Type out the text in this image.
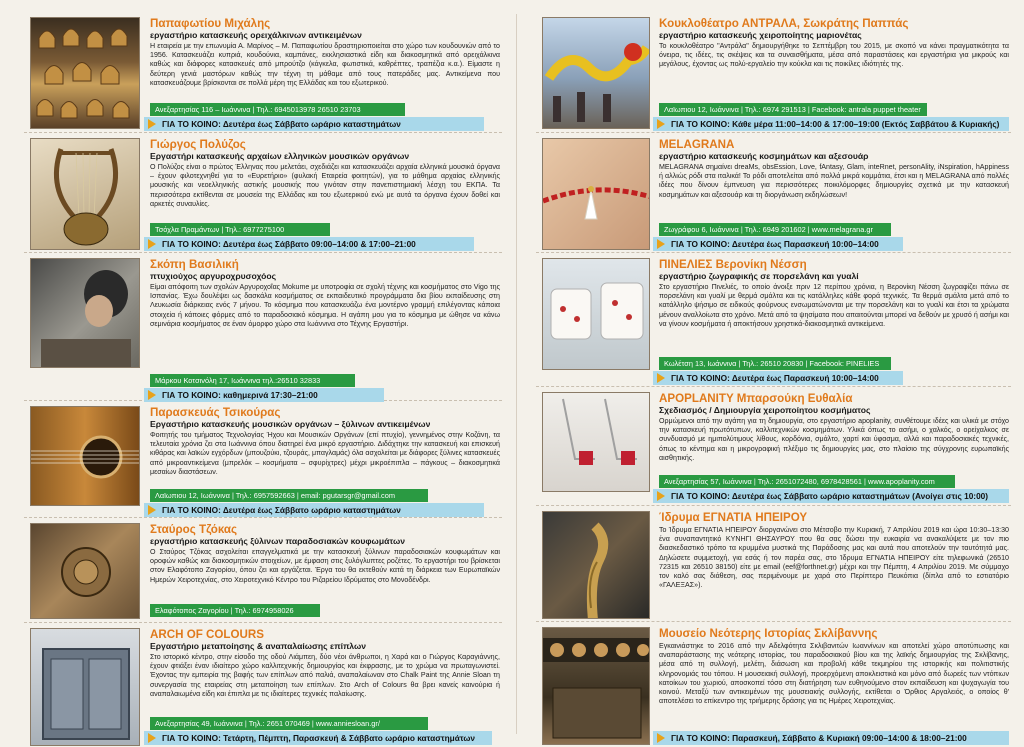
Παπαφωτίου Μιχάλης
εργαστήριο κατασκευής ορειχάλκινων αντικειμένων
Η εταιρεία με την επωνυμία Α. Μαρίνος – Μ. Παπαφωτίου δραστηριοποιείται στο χώρο των κουδουνιών από το 1956. Κατασκευάζει κυπριά, κουδούνια, καμπάνες, εκκλησιαστικά είδη και διακοσμητικά από ορειχάλκινα καθώς και διάφορες κατασκευές από μπρούτζο (κάγκελα, φωτιστικά, καθρέπτες, τραπέζια κ.α.). Είμαστε η δεύτερη γενιά μαστόρων καθώς την τέχνη τη μάθαμε από τους πατεράδες μας. Αντικείμενα που κατασκευάζουμε βρίσκονται σε πολλά μέρη της Ελλάδας και του εξωτερικού.
Ανεξαρτησίας 116 – Ιωάννινα | Τηλ.: 6945013978 26510 23703
ΓΙΑ ΤΟ ΚΟΙΝΟ: Δευτέρα έως Σάββατο ωράριο καταστημάτων
Γιώργος Πολύζος
Εργαστήρι κατασκευής αρχαίων ελληνικών μουσικών οργάνων
Ο Πολύζος είναι ο πρώτος Έλληνας που μελετάει, σχεδιάζει και κατασκευάζει αρχαία ελληνικά μουσικά όργανα – έχουν φιλοτεχνηθεί για το «Ευρετήριο» (φυλακή Εταιρεία φοιτητών), για το μάθημα αρχαίας ελληνικής μουσικής και νεοελληνικής αστικής μουσικής που γινόταν στην πανεπιστημιακή λέσχη του ΕΚΠΑ. Τα περισσότερα εκτίθενται σε μουσεία της Ελλάδας και του εξωτερικού ενώ με αυτά τα όργανα έχουν δοθεί και αρκετές συναυλίες.
Τσόχλα Πραμάντων | Τηλ.: 6977275100
ΓΙΑ ΤΟ ΚΟΙΝΟ: Δευτέρα έως Σάββατο 09:00–14:00 & 17:00–21:00
Σκόπη Βασιλική
πτυχιούχος αργυροχρυσοχόος
Είμαι απόφοιτη των σχολών Αργυροχοΐας Mokume με υποτροφία σε σχολή τέχνης και κοσμήματος στο Vigo της Ισπανίας. Έχω δουλέψει ως δασκάλα κοσμήματος σε εκπαιδευτικό προγράμματα δια βίου εκπαίδευσης στη Λευκωσία διάρκειας ενός 7 μήνου. Το κόσμημα που κατασκευάζω ένα μοντέρνο γραμμή επιλέγοντας κάποια στοιχεία ή κάποιες φόρμες από το παραδοσιακό κόσμημα. Η αγάπη μου για το κόσμημα με ώθησε να κάνω σεμινάρια κοσμήματος σε έναν όμορφο χώρο στα Ιωάννινα στο Τέχνης Εργαστήρι.
Μάρκου Κοτσινόλη 17, Ιωάννινα τηλ.:26510 32833
ΓΙΑ ΤΟ ΚΟΙΝΟ: καθημερινά 17:30–21:00
Παρασκευάς Τσικούρας
Εργαστήριο κατασκευής μουσικών οργάνων – ξύλινων αντικειμένων
Φοιτητής του τμήματος Τεχνολογίας Ήχου και Μουσικών Οργάνων (επί πτυχίο), γεννημένος στην Κοζάνη, τα τελευταία χρόνια ζει στα Ιωάννινα όπου διατηρεί ένα μικρό εργαστήριο. Διδάχτηκε την κατασκευή και επισκευή κιθάρας και λαϊκών εγχόρδων (μπουζούκι, τζουράς, μπαγλαμάς) όλα ασχολείται με διάφορες ξύλινες κατασκευές από μικροαντικείμενα (μπρελόκ – κοσμήματα – σφυρίχτρες) μέχρι μικροέπιπλα – πάγκους – διακοσμητικά μεσαίων διαστάσεων.
Λαϊωπιου 12, Ιωάννινα | Τηλ.: 6957592663 | email: pgutarsgr@gmail.com
ΓΙΑ ΤΟ ΚΟΙΝΟ: Δευτέρα έως Σάββατο ωράριο καταστημάτων
Σταύρος Τζόκας
εργαστήριο κατασκευής ξύλινων παραδοσιακών κουφωμάτων
Ο Σταύρος Τζόκας ασχολείται επαγγελματικά με την κατασκευή ξύλινων παραδοσιακών κουφωμάτων και οροφών καθώς και διακοσμητικών στοιχείων, με έμφαση στις ξυλόγλυπτες ροζέτες. Το εργαστήρι του βρίσκεται στον Ελαφότοπο Ζαγορίου, όπου ζει και εργάζεται. Έργα του θα εκτεθούν κατά τη διάρκεια των Ευρωπαϊκών Ημερών Χειροτεχνίας, στο Χειροτεχνικό Κέντρο του Ριζαρείου Ιδρύματος στο Μονοδένδρι.
Ελαφότοπος Ζαγορίου | Τηλ.: 6974958026
ARCH OF COLOURS
Εργαστήριο μεταποίησης & αναπαλαίωσης επίπλων
Στο ιστορικό κέντρο, στην είσοδο της οδού Λιάμπεη, δύο νέοι άνθρωποι, η Χαρά και ο Γιώργος Καραγιάννης, έχουν φτιάξει έναν ιδιαίτερο χώρο καλλιτεχνικής δημιουργίας και έκφρασης, με το χρώμα να πρωταγωνιστεί. Έχοντας την εμπειρία της βαφής των επίπλων από παλιά, αναπαλαίωναν στο Chalk Paint της Annie Sloan τη συνεργασία της εταιρείας στη μεταποίηση των επίπλων. Στο Arch of Colours θα βρει κανείς καινούρια ή αναπαλαιωμένα είδη και έπιπλα με τις ιδιαίτερες τεχνικές παλαίωσης.
Ανεξαρτησίας 49, Ιωάννινα | Τηλ.: 2651 070469 | www.anniesloan.gr/
ΓΙΑ ΤΟ ΚΟΙΝΟ: Τετάρτη, Πέμπτη, Παρασκευή & Σάββατο ωράριο καταστημάτων
Κουκλοθέατρο ΑΝΤΡΑΛΑ, Σωκράτης Παππάς
εργαστήριο κατασκευής χειροποίητης μαριονέτας
Το κουκλοθέατρο "Αντράλα" δημιουργήθηκε το Σεπτέμβρη του 2015, με σκοπό να κάνει πραγματικότητα τα όνειρα, τις ιδέες, τις σκέψεις και τα συναισθήματα, μέσα από παραστάσεις και εργαστήρια για μικρούς και μεγάλους, έχοντας ως πολύ-εργαλείο την κούκλα και τις ποικίλες ιδιότητές της.
Λαϊωπιου 12, Ιωάννινα | Τηλ.: 6974 291513 | Facebook: antrala puppet theater
ΓΙΑ ΤΟ ΚΟΙΝΟ: Κάθε μέρα 11:00–14:00 & 17:00–19:00 (Εκτός Σαββάτου & Κυριακής)
MELAGRANA
εργαστήριο κατασκευής κοσμημάτων και αξεσουάρ
MELAGRANA σημαίνει dreaMs, obsEssion, Love, fAntasy, Glam, inteRnet, personAlity, iNspiration, hAppiness ή αλλιώς ρόδι στα ιταλικά! Το ρόδι αποτελείται από πολλά μικρά κομμάτια, έτσι και η MELAGRANA από πολλές ιδέες που δίνουν έμπνευση για περισσότερες ποικιλόμορφες δημιουργίες σχετικά με την κατασκευή κοσμημάτων και αξεσουάρ και τη διοργάνωση εκδηλώσεων!
Ζωγράφου 6, Ιωάννινα | Τηλ.: 6949 201602 | www.melagrana.gr
ΓΙΑ ΤΟ ΚΟΙΝΟ: Δευτέρα έως Παρασκευή 10:00–14:00
ΠΙΝΕΛΙΕΣ Βερονίκη Νέσση
εργαστήριο ζωγραφικής σε πορσελάνη και γυαλί
Στο εργαστήριο Πινελιές, το οποίο άνοιξε πριν 12 περίπου χρόνια, η Βερονίκη Νέσση ζωγραφίζει πάνω σε πορσελάνη και γυαλί με θερμά σμάλτα και τις κατάλληλες κάθε φορά τεχνικές. Τα θερμά σμάλτα μετά από το κατάλληλο ψήσιμο σε ειδικούς φούρνους ενσωματώνονται με την πορσελάνη και το γυαλί και έτσι τα χρώματα μένουν αναλλοίωτα στο χρόνο. Μετά από τα ψησίματα που απαιτούνται μπορεί να δεθούν με χρυσό ή ασήμι και να γίνουν κοσμήματα ή αποκτήσουν χρηστικά-διακοσμητικά αντικείμενα.
Κωλέτση 13, Ιωάννινα | Τηλ.: 26510 20830 | Facebook: PINELIES
ΓΙΑ ΤΟ ΚΟΙΝΟ: Δευτέρα έως Παρασκευή 10:00–14:00
APOPLANITY Μπαρσούκη Ευθαλία
Σχεδιασμός / Δημιουργία χειροποίητου κοσμήματος
Ορμώμενοι από την αγάπη για τη δημιουργία, στο εργαστήριο apoplanity, συνθέτουμε ιδέες και υλικά με στόχο την κατασκευή πρωτότυπων, καλλιτεχνικών κοσμημάτων. Υλικά όπως το ασήμι, ο χαλκός, ο ορείχαλκος σε συνδυασμό με ημιπολύτιμους λίθους, κορδόνια, σμάλτο, χαρτί και ύφασμα, αλλά και παραδοσιακές τεχνικές, όπως το κέντημα και η μικρογραφική πλέξιμο τις δημιουργίες μας, στο πλαίσιο της σύγχρονης ευρωπαϊκής αισθητικής.
Ανεξαρτησίας 57, Ιωάννινα | Τηλ.: 2651072480, 6978428561 | www.apoplanity.com
ΓΙΑ ΤΟ ΚΟΙΝΟ: Δευτέρα έως Σάββατο ωράριο καταστημάτων (Ανοίγει στις 10:00)
Ίδρυμα ΕΓΝΑΤΙΑ ΗΠΕΙΡΟΥ
Το Ίδρυμα ΕΓΝΑΤΙΑ ΗΠΕΙΡΟΥ διοργανώνει στο Μέτσοβο την Κυριακή, 7 Απριλίου 2019 και ώρα 10:30–13:30 ένα συναπαντητικό ΚΥΝΗΓΙ ΘΗΣΑΥΡΟΥ που θα σας δώσει την ευκαιρία να ανακαλύψετε με τον πιο διασκεδαστικό τρόπο τα κρυμμένα μυστικά της Παράδοσης μας και αυτά που αποτελούν την ταυτότητά μας. Δηλώσετε συμμετοχή, για εσάς ή τον παρέα σας, στο Ίδρυμα ΕΓΝΑΤΙΑ ΗΠΕΙΡΟΥ είτε τηλεφωνικά (26510 72315 και 26510 38150) είτε με email (eef@forthnet.gr) μέχρι και την Πέμπτη, 4 Απριλίου 2019. Με σύμμαχο τον καλό σας διάθεση, σας περιμένουμε με χαρά στο Περίπτερο Πευκόπια (δίπλα από το εστιατόριο «ΓΑΛΕΞΑΣ»).
Μουσείο Νεότερης Ιστορίας Σκλίβαννης
Εγκαινιάστηκε το 2016 από την Αδελφότητα Σκλιβανιτών Ιωαννίνων και αποτελεί χώρο αποτύπωσης και αναπαράστασης της νεότερης ιστορίας, του παραδοσιακού βίου και της λαϊκής δημιουργίας της Σκλίβανης, μέσα από τη συλλογή, μελέτη, διάσωση και προβολή κάθε τεκμηρίου της ιστορικής και πολιτιστικής κληρονομιάς του τόπου. Η μουσειακή συλλογή, προερχόμενη αποκλειστικά και μόνο από δωρεές των ντόπιων κατοίκων του χωριού, αποσκοπεί τόσο στη διατήρηση των ευθηνούμενο στον εκπαίδευση και ψυχαγωγία του κοινού. Μεταξύ των αντικειμένων της μουσειακής συλλογής, εκτίθεται ο Όρθιος Αργαλειός, ο οποίος θ' αποτελέσει το επίκεντρο της τριήμερης δράσης για τις Ημέρες Χειροτεχνίας.
ΓΙΑ ΤΟ ΚΟΙΝΟ: Παρασκευή, Σάββατο & Κυριακή 09:00–14:00 & 18:00–21:00
